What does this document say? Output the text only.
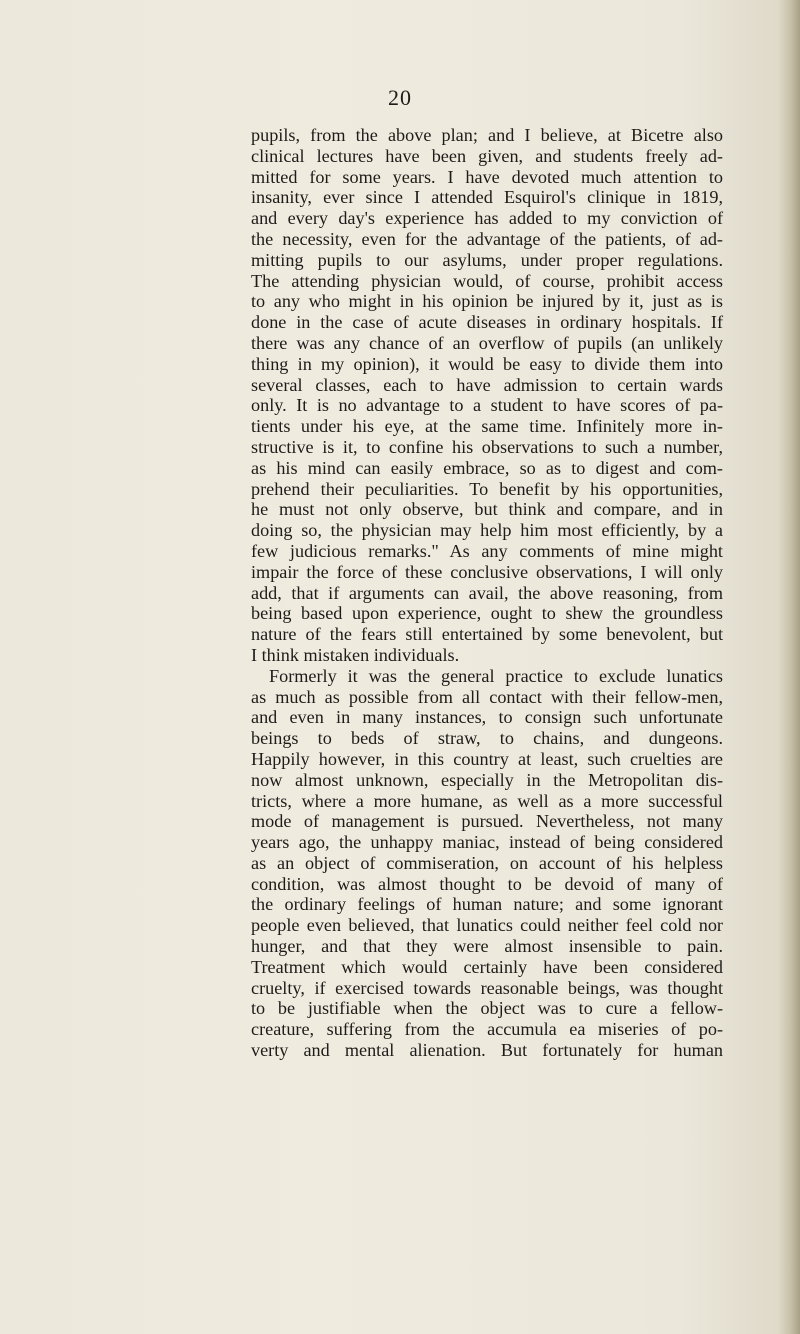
20
pupils, from the above plan; and I believe, at Bicetre also
clinical lectures have been given, and students freely ad-
mitted for some years. I have devoted much attention to
insanity, ever since I attended Esquirol's clinique in 1819,
and every day's experience has added to my conviction of
the necessity, even for the advantage of the patients, of ad-
mitting pupils to our asylums, under proper regulations.
The attending physician would, of course, prohibit access
to any who might in his opinion be injured by it, just as is
done in the case of acute diseases in ordinary hospitals. If
there was any chance of an overflow of pupils (an unlikely
thing in my opinion), it would be easy to divide them into
several classes, each to have admission to certain wards
only. It is no advantage to a student to have scores of pa-
tients under his eye, at the same time. Infinitely more in-
structive is it, to confine his observations to such a number,
as his mind can easily embrace, so as to digest and com-
prehend their peculiarities. To benefit by his opportunities,
he must not only observe, but think and compare, and in
doing so, the physician may help him most efficiently, by a
few judicious remarks." As any comments of mine might
impair the force of these conclusive observations, I will only
add, that if arguments can avail, the above reasoning, from
being based upon experience, ought to shew the groundless
nature of the fears still entertained by some benevolent, but
I think mistaken individuals.
Formerly it was the general practice to exclude lunatics
as much as possible from all contact with their fellow-men,
and even in many instances, to consign such unfortunate
beings to beds of straw, to chains, and dungeons.
Happily however, in this country at least, such cruelties are
now almost unknown, especially in the Metropolitan dis-
tricts, where a more humane, as well as a more successful
mode of management is pursued. Nevertheless, not many
years ago, the unhappy maniac, instead of being considered
as an object of commiseration, on account of his helpless
condition, was almost thought to be devoid of many of
the ordinary feelings of human nature; and some ignorant
people even believed, that lunatics could neither feel cold nor
hunger, and that they were almost insensible to pain.
Treatment which would certainly have been considered
cruelty, if exercised towards reasonable beings, was thought
to be justifiable when the object was to cure a fellow-
creature, suffering from the accumula ea miseries of po-
verty and mental alienation. But fortunately for human
